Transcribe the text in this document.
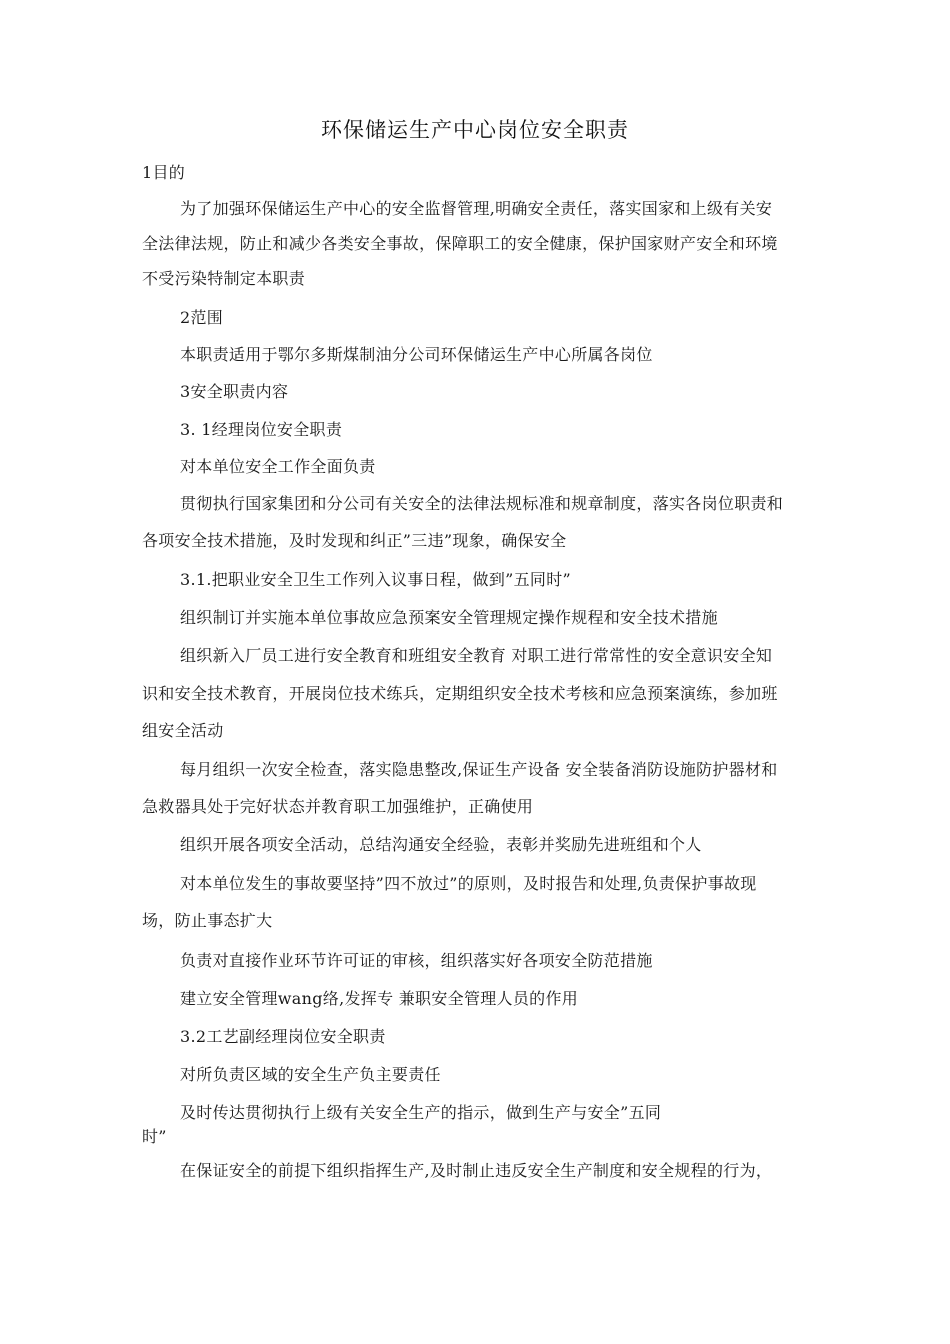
环保储运生产中心岗位安全职责
1目的
为了加强环保储运生产中心的安全监督管理,明确安全责任，落实国家和上级有关安
全法律法规，防止和减少各类安全事故，保障职工的安全健康，保护国家财产安全和环境
不受污染特制定本职责
2范围
本职责适用于鄂尔多斯煤制油分公司环保储运生产中心所属各岗位
3安全职责内容
3. 1经理岗位安全职责
对本单位安全工作全面负责
贯彻执行国家集团和分公司有关安全的法律法规标准和规章制度，落实各岗位职责和
各项安全技术措施，及时发现和纠正”三违”现象，确保安全
3.1.把职业安全卫生工作列入议事日程，做到”五同时”
组织制订并实施本单位事故应急预案安全管理规定操作规程和安全技术措施
组织新入厂员工进行安全教育和班组安全教育 对职工进行常常性的安全意识安全知
识和安全技术教育，开展岗位技术练兵，定期组织安全技术考核和应急预案演练，参加班
组安全活动
每月组织一次安全检查，落实隐患整改,保证生产设备 安全装备消防设施防护器材和
急救器具处于完好状态并教育职工加强维护，正确使用
组织开展各项安全活动，总结沟通安全经验，表彰并奖励先进班组和个人
对本单位发生的事故要坚持”四不放过”的原则，及时报告和处理,负责保护事故现
场，防止事态扩大
负责对直接作业环节许可证的审核，组织落实好各项安全防范措施
建立安全管理wang络,发挥专 兼职安全管理人员的作用
3.2工艺副经理岗位安全职责
对所负责区域的安全生产负主要责任
及时传达贯彻执行上级有关安全生产的指示，做到生产与安全”五同
时”
在保证安全的前提下组织指挥生产,及时制止违反安全生产制度和安全规程的行为，
